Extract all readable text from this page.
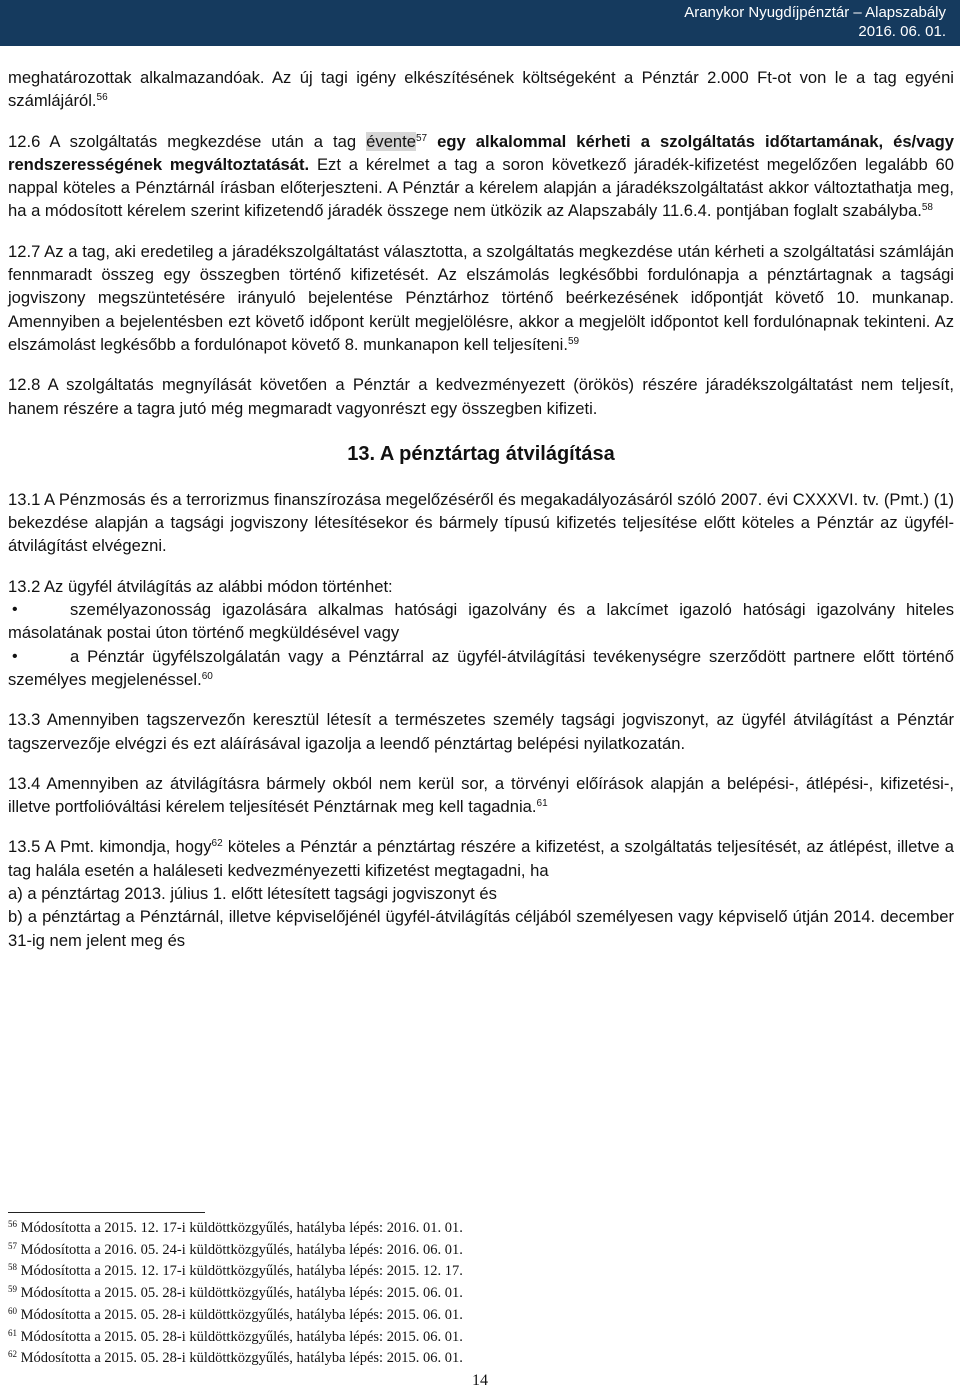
Aranykor Nyugdíjpénztár – Alapszabály
2016. 06. 01.

meghatározottak alkalmazandóak. Az új tagi igény elkészítésének költségeként a Pénztár 2.000 Ft-ot von le a tag egyéni számlájáról.$^{56}$

12.6 A szolgáltatás megkezdése után a tag évente$^{57}$ egy alkalommal kérheti a szolgáltatás időtartamának, és/vagy rendszerességének megváltoztatását. Ezt a kérelmet a tag a soron következő járadék-kifizetést megelőzően legalább 60 nappal köteles a Pénztárnál írásban előterjeszteni. A Pénztár a kérelem alapján a járadékszolgáltatást akkor változtathatja meg, ha a módosított kérelem szerint kifizetendő járadék összege nem ütközik az Alapszabály 11.6.4. pontjában foglalt szabályba.$^{58}$

12.7 Az a tag, aki eredetileg a járadékszolgáltatást választotta, a szolgáltatás megkezdése után kérheti a szolgáltatási számláján fennmaradt összeg egy összegben történő kifizetését. Az elszámolás legkésőbbi fordulónapja a pénztártagnak a tagsági jogviszony megszüntetésére irányuló bejelentése Pénztárhoz történő beérkezésének időpontját követő 10. munkanap. Amennyiben a bejelentésben ezt követő időpont került megjelölésre, akkor a megjelölt időpontot kell fordulónapnak tekinteni. Az elszámolást legkésőbb a fordulónapot követő 8. munkanapon kell teljesíteni.$^{59}$

12.8 A szolgáltatás megnyílását követően a Pénztár a kedvezményezett (örökös) részére járadékszolgáltatást nem teljesít, hanem részére a tagra jutó még megmaradt vagyonrészt egy összegben kifizeti.

13. A pénztártag átvilágítása

13.1 A Pénzmosás és a terrorizmus finanszírozása megelőzéséről és megakadályozásáról szóló 2007. évi CXXXVI. tv. (Pmt.) (1) bekezdése alapján a tagsági jogviszony létesítésekor és bármely típusú kifizetés teljesítése előtt köteles a Pénztár az ügyfél-átvilágítást elvégezni.

13.2 Az ügyfél átvilágítás az alábbi módon történhet:

•	személyazonosság igazolására alkalmas hatósági igazolvány és a lakcímet igazoló hatósági igazolvány hiteles másolatának postai úton történő megküldésével vagy
•	a Pénztár ügyfélszolgálatán vagy a Pénztárral az ügyfél-átvilágítási tevékenységre szerződött partnere előtt történő személyes megjelenéssel.$^{60}$

13.3 Amennyiben tagszervezőn keresztül létesít a természetes személy tagsági jogviszonyt, az ügyfél átvilágítást a Pénztár tagszervezője elvégzi és ezt aláírásával igazolja a leendő pénztártag belépési nyilatkozatán.

13.4 Amennyiben az átvilágításra bármely okból nem kerül sor, a törvényi előírások alapján a belépési-, átlépési-, kifizetési-, illetve portfolióváltási kérelem teljesítését Pénztárnak meg kell tagadnia.$^{61}$

13.5 A Pmt. kimondja, hogy$^{62}$ köteles a Pénztár a pénztártag részére a kifizetést, a szolgáltatás teljesítését, az átlépést, illetve a tag halála esetén a haláleseti kedvezményezetti kifizetést megtagadni, ha

a) a pénztártag 2013. július 1. előtt létesített tagsági jogviszonyt és

b) a pénztártag a Pénztárnál, illetve képviselőjénél ügyfél-átvilágítás céljából személyesen vagy képviselő útján 2014. december 31-ig nem jelent meg és

$^{56}$ Módosította a 2015. 12. 17-i küldöttközgyűlés, hatályba lépés: 2016. 01. 01.
$^{57}$ Módosította a 2016. 05. 24-i küldöttközgyűlés, hatályba lépés: 2016. 06. 01.
$^{58}$ Módosította a 2015. 12. 17-i küldöttközgyűlés, hatályba lépés: 2015. 12. 17.
$^{59}$ Módosította a 2015. 05. 28-i küldöttközgyűlés, hatályba lépés: 2015. 06. 01.
$^{60}$ Módosította a 2015. 05. 28-i küldöttközgyűlés, hatályba lépés: 2015. 06. 01.
$^{61}$ Módosította a 2015. 05. 28-i küldöttközgyűlés, hatályba lépés: 2015. 06. 01.
$^{62}$ Módosította a 2015. 05. 28-i küldöttközgyűlés, hatályba lépés: 2015. 06. 01.
14
